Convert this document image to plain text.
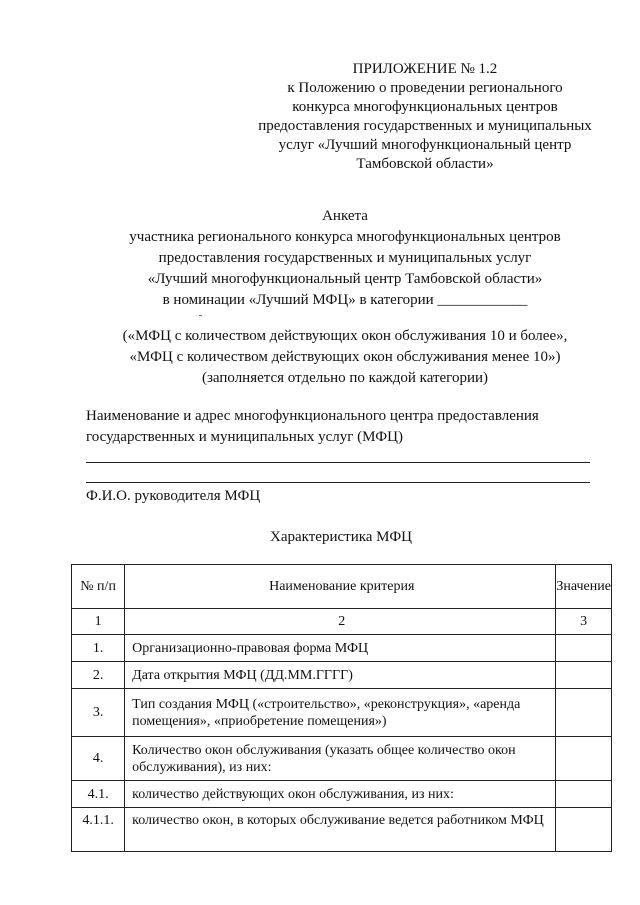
ПРИЛОЖЕНИЕ № 1.2
к Положению о проведении регионального
конкурса многофункциональных центров
предоставления государственных и муниципальных
услуг «Лучший многофункциональный центр
Тамбовской области»
Анкета
участника регионального конкурса многофункциональных центров
предоставления государственных и муниципальных услуг
«Лучший многофункциональный центр Тамбовской области»
в номинации «Лучший МФЦ» в категории ____________
(«МФЦ с количеством действующих окон обслуживания 10 и более»,
«МФЦ с количеством действующих окон обслуживания менее 10»)
(заполняется отдельно по каждой категории)
Наименование и адрес многофункционального центра предоставления государственных и муниципальных услуг (МФЦ)
Ф.И.О. руководителя МФЦ
Характеристика МФЦ
№ п/п	Наименование критерия	Значение
1	2	3
1.	Организационно-правовая форма МФЦ	
2.	Дата открытия МФЦ (ДД.ММ.ГГГГ)	
3.	Тип создания МФЦ («строительство», «реконструкция», «аренда помещения», «приобретение помещения»)	
4.	Количество окон обслуживания (указать общее количество окон обслуживания), из них:	
4.1.	количество действующих окон обслуживания, из них:	
4.1.1.	количество окон, в которых обслуживание ведется работником МФЦ	
